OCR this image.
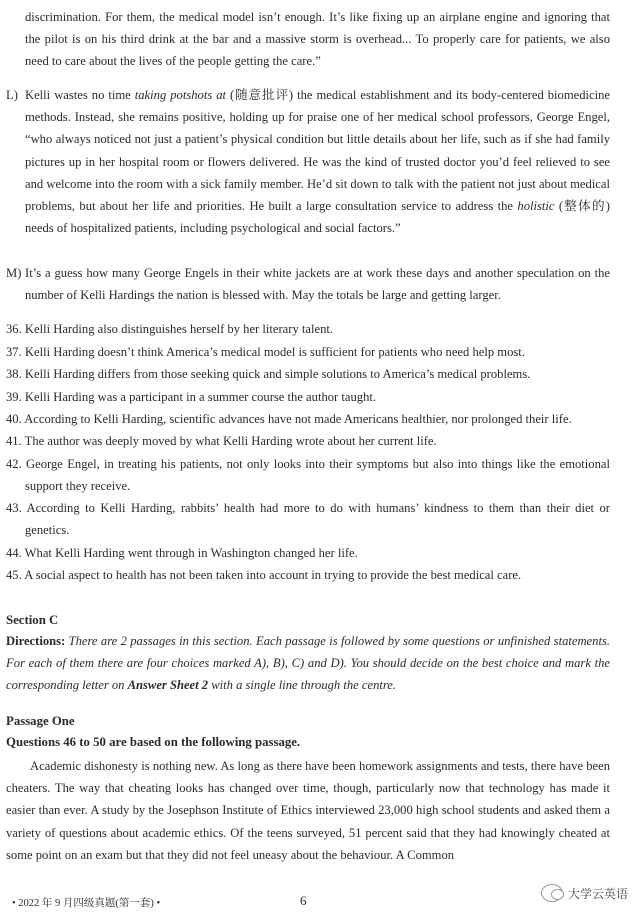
discrimination. For them, the medical model isn’t enough. It’s like fixing up an airplane engine and ignoring that the pilot is on his third drink at the bar and a massive storm is overhead... To properly care for patients, we also need to care about the lives of the people getting the care.”
L) Kelli wastes no time taking potshots at (随意批评) the medical establishment and its body-centered biomedicine methods. Instead, she remains positive, holding up for praise one of her medical school professors, George Engel, “who always noticed not just a patient’s physical condition but little details about her life, such as if she had family pictures up in her hospital room or flowers delivered. He was the kind of trusted doctor you’d feel relieved to see and welcome into the room with a sick family member. He’d sit down to talk with the patient not just about medical problems, but about her life and priorities. He built a large consultation service to address the holistic (整体的) needs of hospitalized patients, including psychological and social factors.”
M) It’s a guess how many George Engels in their white jackets are at work these days and another speculation on the number of Kelli Hardings the nation is blessed with. May the totals be large and getting larger.
36. Kelli Harding also distinguishes herself by her literary talent.
37. Kelli Harding doesn’t think America’s medical model is sufficient for patients who need help most.
38. Kelli Harding differs from those seeking quick and simple solutions to America’s medical problems.
39. Kelli Harding was a participant in a summer course the author taught.
40. According to Kelli Harding, scientific advances have not made Americans healthier, nor prolonged their life.
41. The author was deeply moved by what Kelli Harding wrote about her current life.
42. George Engel, in treating his patients, not only looks into their symptoms but also into things like the emotional support they receive.
43. According to Kelli Harding, rabbits’ health had more to do with humans’ kindness to them than their diet or genetics.
44. What Kelli Harding went through in Washington changed her life.
45. A social aspect to health has not been taken into account in trying to provide the best medical care.
Section C
Directions: There are 2 passages in this section. Each passage is followed by some questions or unfinished statements. For each of them there are four choices marked A), B), C) and D). You should decide on the best choice and mark the corresponding letter on Answer Sheet 2 with a single line through the centre.
Passage One
Questions 46 to 50 are based on the following passage.
Academic dishonesty is nothing new. As long as there have been homework assignments and tests, there have been cheaters. The way that cheating looks has changed over time, though, particularly now that technology has made it easier than ever. A study by the Josephson Institute of Ethics interviewed 23,000 high school students and asked them a variety of questions about academic ethics. Of the teens surveyed, 51 percent said that they had knowingly cheated at some point on an exam but that they did not feel uneasy about the behaviour. A Common
• 2022 年 9 月四级真题(第一套) •	6	大学云英语
